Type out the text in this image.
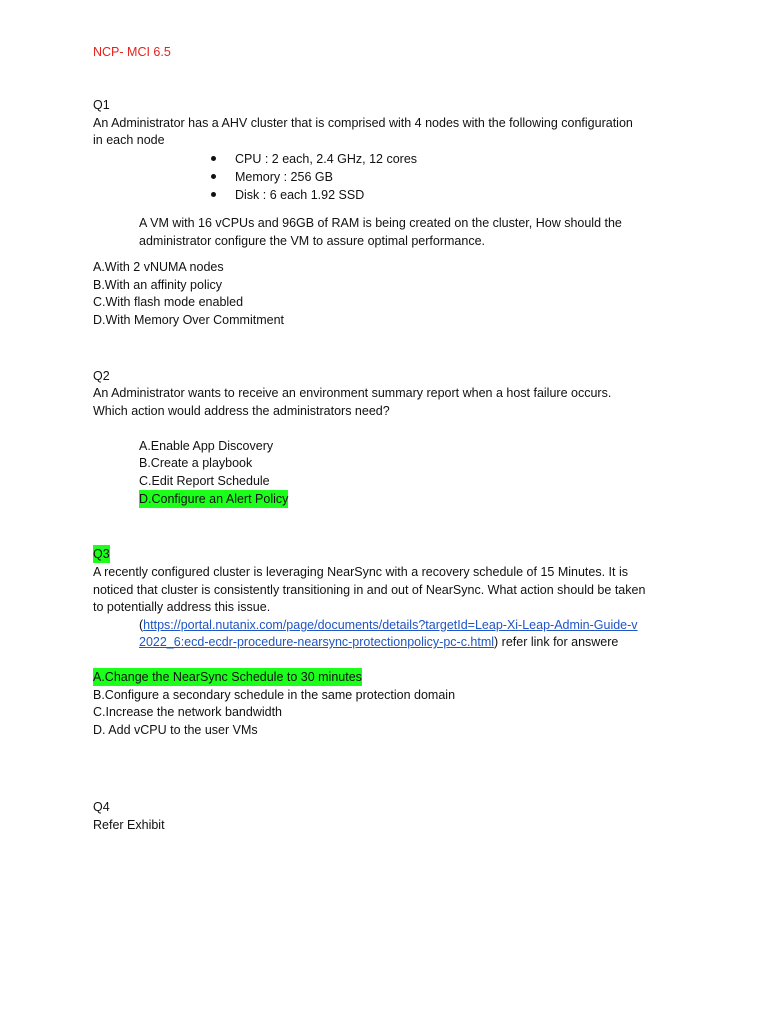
NCP- MCI 6.5
Q1
An Administrator has a AHV cluster that is comprised with 4 nodes with the following configuration
in each node
CPU : 2 each, 2.4 GHz, 12 cores
Memory : 256 GB
Disk : 6 each 1.92 SSD
A VM with 16 vCPUs and 96GB of RAM is being created on the cluster, How should the
administrator configure the VM to assure optimal performance.
A.With 2 vNUMA nodes
B.With an affinity policy
C.With flash mode enabled
D.With Memory Over Commitment
Q2
An Administrator wants to receive an environment summary report when a host failure occurs.
Which action would address the administrators need?
A.Enable App Discovery
B.Create a playbook
C.Edit Report Schedule
D.Configure an Alert Policy
Q3
A recently configured cluster is leveraging NearSync with a recovery schedule of 15 Minutes. It is
noticed that cluster is consistently transitioning in and out of NearSync. What action should be taken
to potentially address this issue.
(https://portal.nutanix.com/page/documents/details?targetId=Leap-Xi-Leap-Admin-Guide-v
2022_6:ecd-ecdr-procedure-nearsync-protectionpolicy-pc-c.html) refer link for answere
A.Change the NearSync Schedule to 30 minutes
B.Configure a secondary schedule in the same protection domain
C.Increase the network bandwidth
D. Add vCPU to the user VMs
Q4
Refer Exhibit
